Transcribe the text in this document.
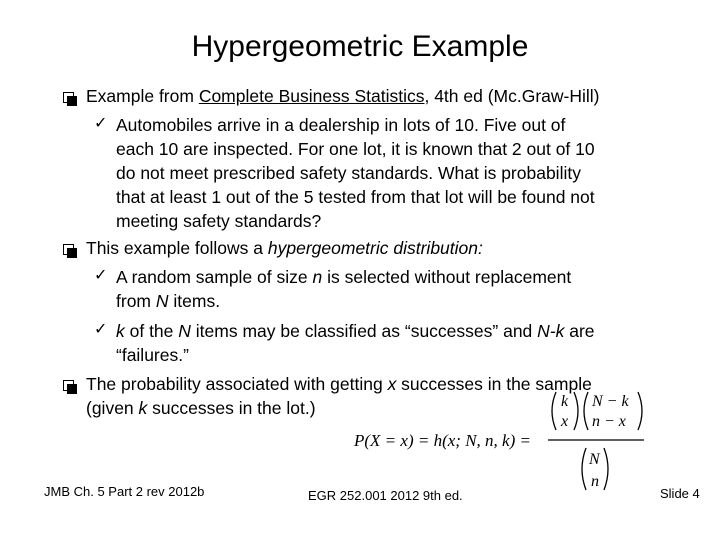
Hypergeometric Example
Example from Complete Business Statistics, 4th ed (Mc.Graw-Hill)
✓ Automobiles arrive in a dealership in lots of 10. Five out of
each 10 are inspected. For one lot, it is known that 2 out of 10
do not meet prescribed safety standards. What is probability
that at least 1 out of the 5 tested from that lot will be found not
meeting safety standards?
This example follows a hypergeometric distribution:
✓ A random sample of size n is selected without replacement
from N items.
✓ k of the N items may be classified as “successes” and N-k are
“failures.”
The probability associated with getting x successes in the sample
(given k successes in the lot.)
P(X = x) = h(x; N, n, k) =
k
x
N − k
n − x
N
n
JMB Ch. 5 Part 2 rev 2012b	EGR 252.001 2012 9th ed.	Slide 4
